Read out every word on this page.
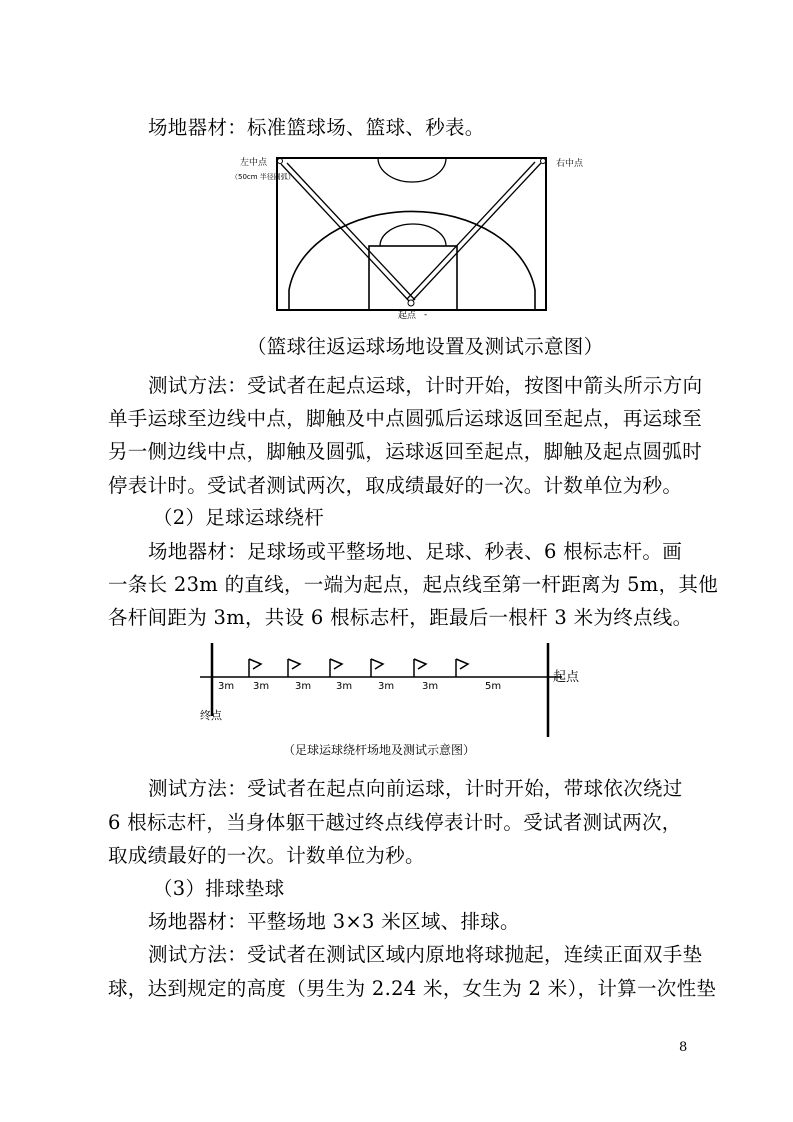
场地器材：标准篮球场、篮球、秒表。
左中点
（50cm 半径圆弧）
右中点
起点 -
（篮球往返运球场地设置及测试示意图）
测试方法：受试者在起点运球，计时开始，按图中箭头所示方向
单手运球至边线中点，脚触及中点圆弧后运球返回至起点，再运球至
另一侧边线中点，脚触及圆弧，运球返回至起点，脚触及起点圆弧时
停表计时。受试者测试两次，取成绩最好的一次。计数单位为秒。
（2）足球运球绕杆
场地器材：足球场或平整场地、足球、秒表、6 根标志杆。画
一条长 23m 的直线，一端为起点，起点线至第一杆距离为 5m，其他
各杆间距为 3m，共设 6 根标志杆，距最后一根杆 3 米为终点线。
3m 3m	3m 3m	3m	3m	5m
起点
终点
（足球运球绕杆场地及测试示意图）
测试方法：受试者在起点向前运球，计时开始，带球依次绕过
6 根标志杆，当身体躯干越过终点线停表计时。受试者测试两次，
取成绩最好的一次。计数单位为秒。
（3）排球垫球
场地器材：平整场地 3×3 米区域、排球。
测试方法：受试者在测试区域内原地将球抛起，连续正面双手垫
球，达到规定的高度（男生为 2.24 米，女生为 2 米），计算一次性垫
8
